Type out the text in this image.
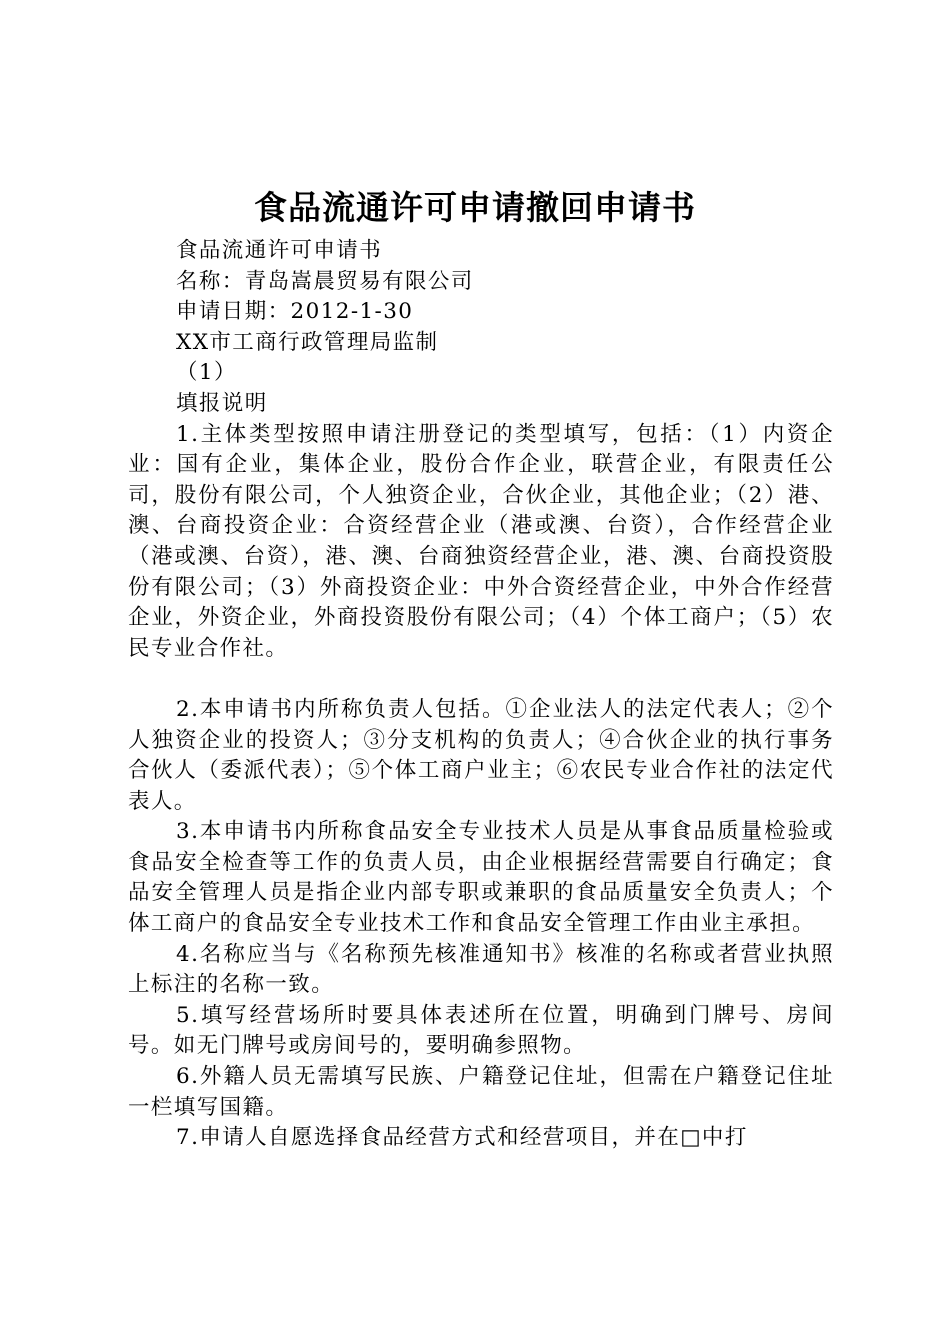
食品流通许可申请撤回申请书
食品流通许可申请书
名称：青岛嵩晨贸易有限公司
申请日期：2012-1-30
XX市工商行政管理局监制
（1）
填报说明

1.主体类型按照申请注册登记的类型填写，包括：（1）内资企业：国有企业，集体企业，股份合作企业，联营企业，有限责任公司，股份有限公司，个人独资企业，合伙企业，其他企业；（2）港、澳、台商投资企业：合资经营企业（港或澳、台资），合作经营企业（港或澳、台资），港、澳、台商独资经营企业，港、澳、台商投资股份有限公司；（3）外商投资企业：中外合资经营企业，中外合作经营企业，外资企业，外商投资股份有限公司；（4）个体工商户；（5）农民专业合作社。

2.本申请书内所称负责人包括。①企业法人的法定代表人；②个人独资企业的投资人；③分支机构的负责人；④合伙企业的执行事务合伙人（委派代表）；⑤个体工商户业主；⑥农民专业合作社的法定代表人。

3.本申请书内所称食品安全专业技术人员是从事食品质量检验或食品安全检查等工作的负责人员，由企业根据经营需要自行确定；食品安全管理人员是指企业内部专职或兼职的食品质量安全负责人；个体工商户的食品安全专业技术工作和食品安全管理工作由业主承担。

4.名称应当与《名称预先核准通知书》核准的名称或者营业执照上标注的名称一致。

5.填写经营场所时要具体表述所在位置，明确到门牌号、房间号。如无门牌号或房间号的，要明确参照物。

6.外籍人员无需填写民族、户籍登记住址，但需在户籍登记住址一栏填写国籍。

7.申请人自愿选择食品经营方式和经营项目，并在□中打
